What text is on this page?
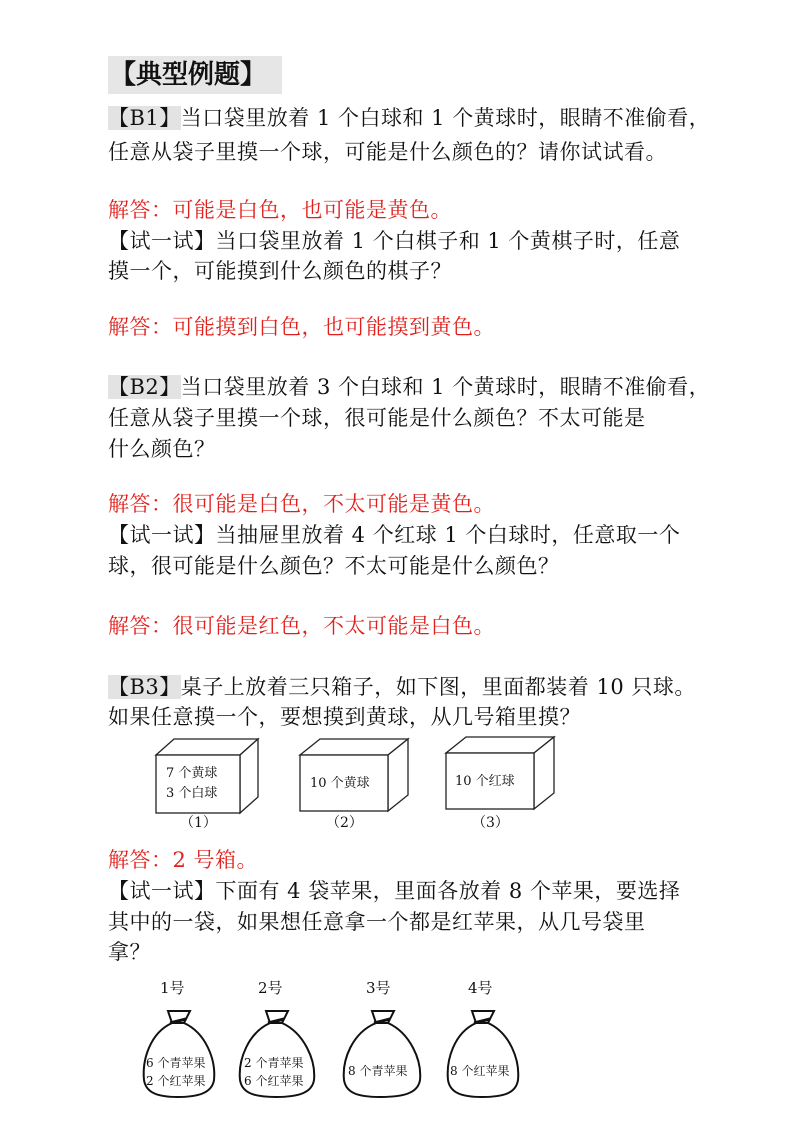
【典型例题】
【B1】当口袋里放着 1 个白球和 1 个黄球时，眼睛不准偷看，
任意从袋子里摸一个球，可能是什么颜色的？请你试试看。
解答：可能是白色，也可能是黄色。
【试一试】当口袋里放着 1 个白棋子和 1 个黄棋子时，任意
摸一个，可能摸到什么颜色的棋子？
解答：可能摸到白色，也可能摸到黄色。
【B2】当口袋里放着 3 个白球和 1 个黄球时，眼睛不准偷看，
任意从袋子里摸一个球，很可能是什么颜色？不太可能是
什么颜色？
解答：很可能是白色，不太可能是黄色。
【试一试】当抽屉里放着 4 个红球 1 个白球时，任意取一个
球，很可能是什么颜色？不太可能是什么颜色？
解答：很可能是红色，不太可能是白色。
【B3】桌子上放着三只箱子，如下图，里面都装着 10 只球。
如果任意摸一个，要想摸到黄球，从几号箱里摸？
7 个黄球
3 个白球
10 个黄球	10 个红球
（1）	（2）	（3）
解答：2 号箱。
【试一试】下面有 4 袋苹果，里面各放着 8 个苹果，要选择
其中的一袋，如果想任意拿一个都是红苹果，从几号袋里
拿？
1号	2号	3号	4号
6 个青苹果
2 个红苹果
2 个青苹果
6 个红苹果
8 个青苹果	8 个红苹果
